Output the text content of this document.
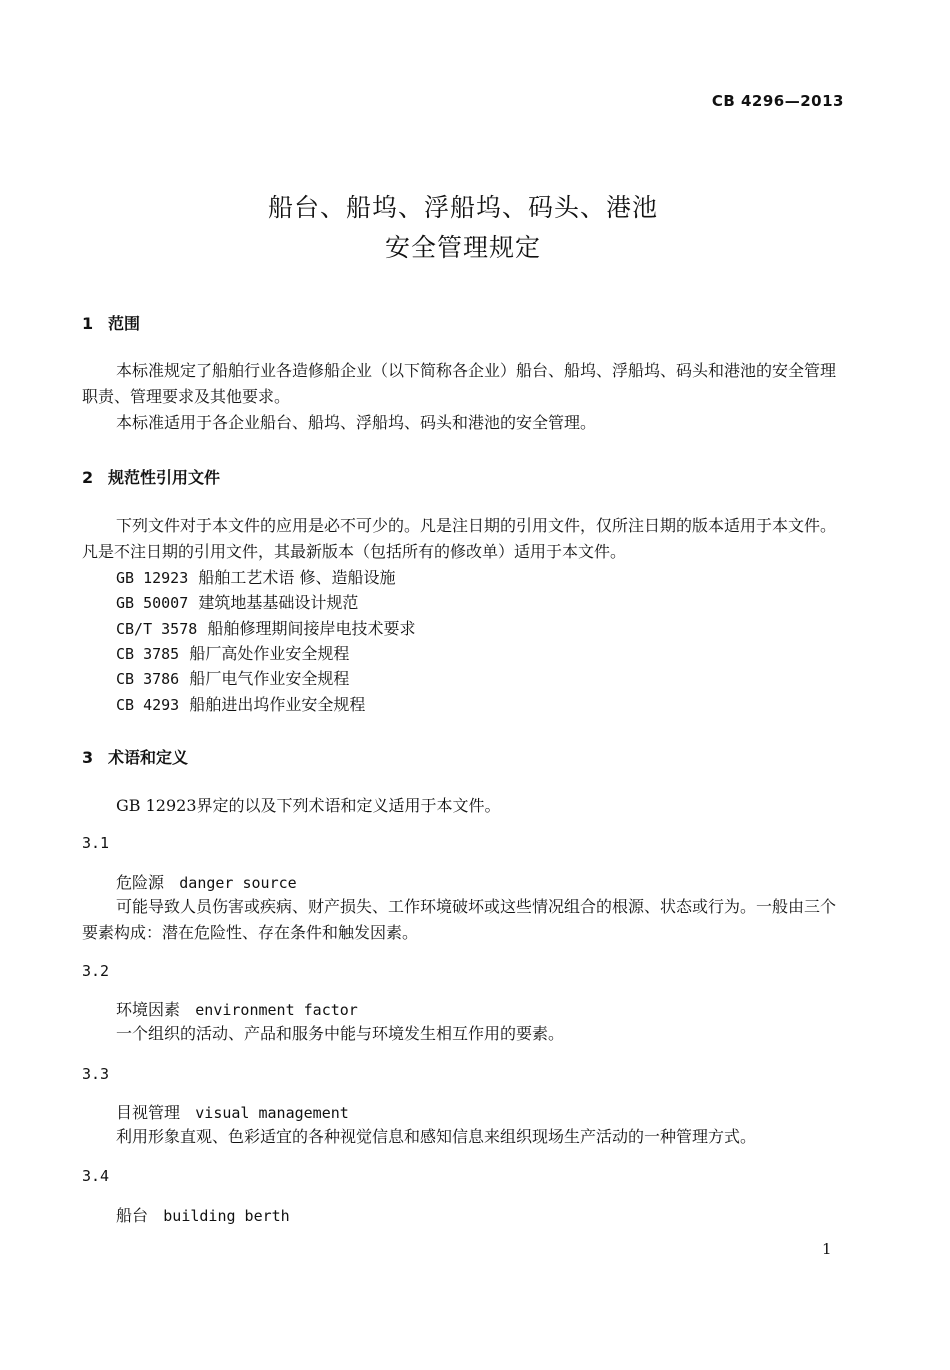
CB 4296—2013
船台、船坞、浮船坞、码头、港池
安全管理规定
1 范围
本标准规定了船舶行业各造修船企业（以下简称各企业）船台、船坞、浮船坞、码头和港池的安全管理职责、管理要求及其他要求。
本标准适用于各企业船台、船坞、浮船坞、码头和港池的安全管理。
2 规范性引用文件
下列文件对于本文件的应用是必不可少的。凡是注日期的引用文件，仅所注日期的版本适用于本文件。凡是不注日期的引用文件，其最新版本（包括所有的修改单）适用于本文件。
GB 12923 船舶工艺术语 修、造船设施
GB 50007 建筑地基基础设计规范
CB/T 3578 船舶修理期间接岸电技术要求
CB 3785 船厂高处作业安全规程
CB 3786 船厂电气作业安全规程
CB 4293 船舶进出坞作业安全规程
3 术语和定义
GB 12923界定的以及下列术语和定义适用于本文件。
3.1
危险源 danger source
可能导致人员伤害或疾病、财产损失、工作环境破坏或这些情况组合的根源、状态或行为。一般由三个要素构成：潜在危险性、存在条件和触发因素。
3.2
环境因素 environment factor
一个组织的活动、产品和服务中能与环境发生相互作用的要素。
3.3
目视管理 visual management
利用形象直观、色彩适宜的各种视觉信息和感知信息来组织现场生产活动的一种管理方式。
3.4
船台 building berth
1
